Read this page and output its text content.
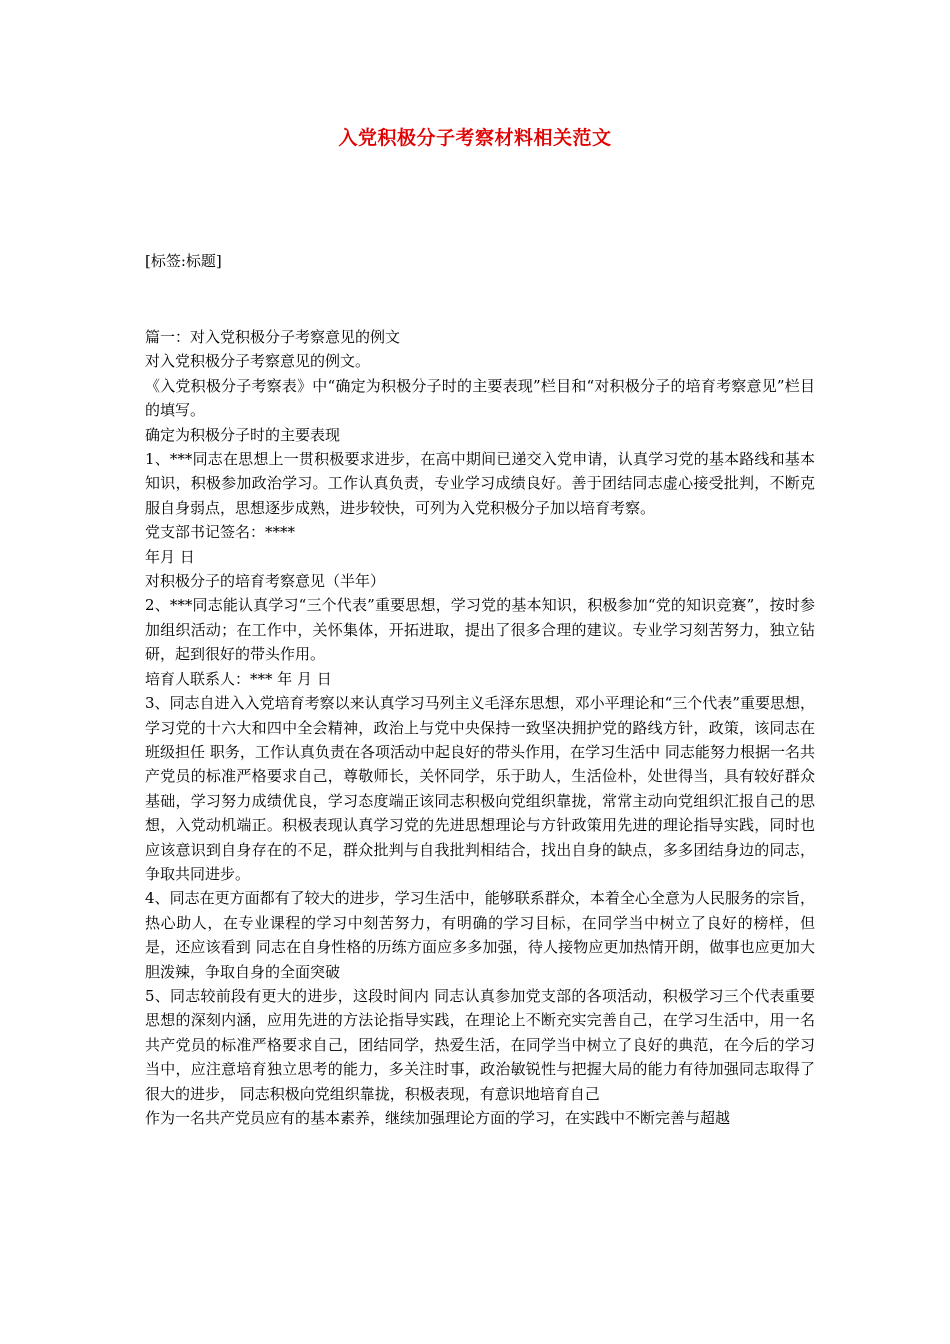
入党积极分子考察材料相关范文
[标签:标题]

篇一：对入党积极分子考察意见的例文

对入党积极分子考察意见的例文。

《入党积极分子考察表》中“确定为积极分子时的主要表现”栏目和“对积极分子的培育考察意见”栏目的填写。

确定为积极分子时的主要表现

1、***同志在思想上一贯积极要求进步，在高中期间已递交入党申请，认真学习党的基本路线和基本知识，积极参加政治学习。工作认真负责，专业学习成绩良好。善于团结同志虚心接受批判，不断克服自身弱点，思想逐步成熟，进步较快，可列为入党积极分子加以培育考察。

党支部书记签名：****

年月 日

对积极分子的培育考察意见（半年）

2、***同志能认真学习“三个代表”重要思想，学习党的基本知识，积极参加“党的知识竞赛”，按时参加组织活动；在工作中，关怀集体，开拓进取，提出了很多合理的建议。专业学习刻苦努力，独立钻研，起到很好的带头作用。

培育人联系人：*** 年 月 日

3、同志自进入入党培育考察以来认真学习马列主义毛泽东思想，邓小平理论和“三个代表”重要思想，学习党的十六大和四中全会精神，政治上与党中央保持一致坚决拥护党的路线方针，政策，该同志在班级担任 职务，工作认真负责在各项活动中起良好的带头作用，在学习生活中 同志能努力根据一名共产党员的标准严格要求自己，尊敬师长，关怀同学，乐于助人，生活俭朴，处世得当，具有较好群众基础，学习努力成绩优良，学习态度端正该同志积极向党组织靠拢，常常主动向党组织汇报自己的思想，入党动机端正。积极表现认真学习党的先进思想理论与方针政策用先进的理论指导实践，同时也应该意识到自身存在的不足，群众批判与自我批判相结合，找出自身的缺点，多多团结身边的同志，争取共同进步。

4、同志在更方面都有了较大的进步，学习生活中，能够联系群众，本着全心全意为人民服务的宗旨，热心助人，在专业课程的学习中刻苦努力，有明确的学习目标，在同学当中树立了良好的榜样，但是，还应该看到 同志在自身性格的历练方面应多多加强，待人接物应更加热情开朗，做事也应更加大胆泼辣，争取自身的全面突破

5、同志较前段有更大的进步，这段时间内 同志认真参加党支部的各项活动，积极学习三个代表重要思想的深刻内涵，应用先进的方法论指导实践，在理论上不断充实完善自己，在学习生活中，用一名共产党员的标准严格要求自己，团结同学，热爱生活，在同学当中树立了良好的典范，在今后的学习当中，应注意培育独立思考的能力，多关注时事，政治敏锐性与把握大局的能力有待加强同志取得了很大的进步， 同志积极向党组织靠拢，积极表现，有意识地培育自己

作为一名共产党员应有的基本素养，继续加强理论方面的学习，在实践中不断完善与超越
